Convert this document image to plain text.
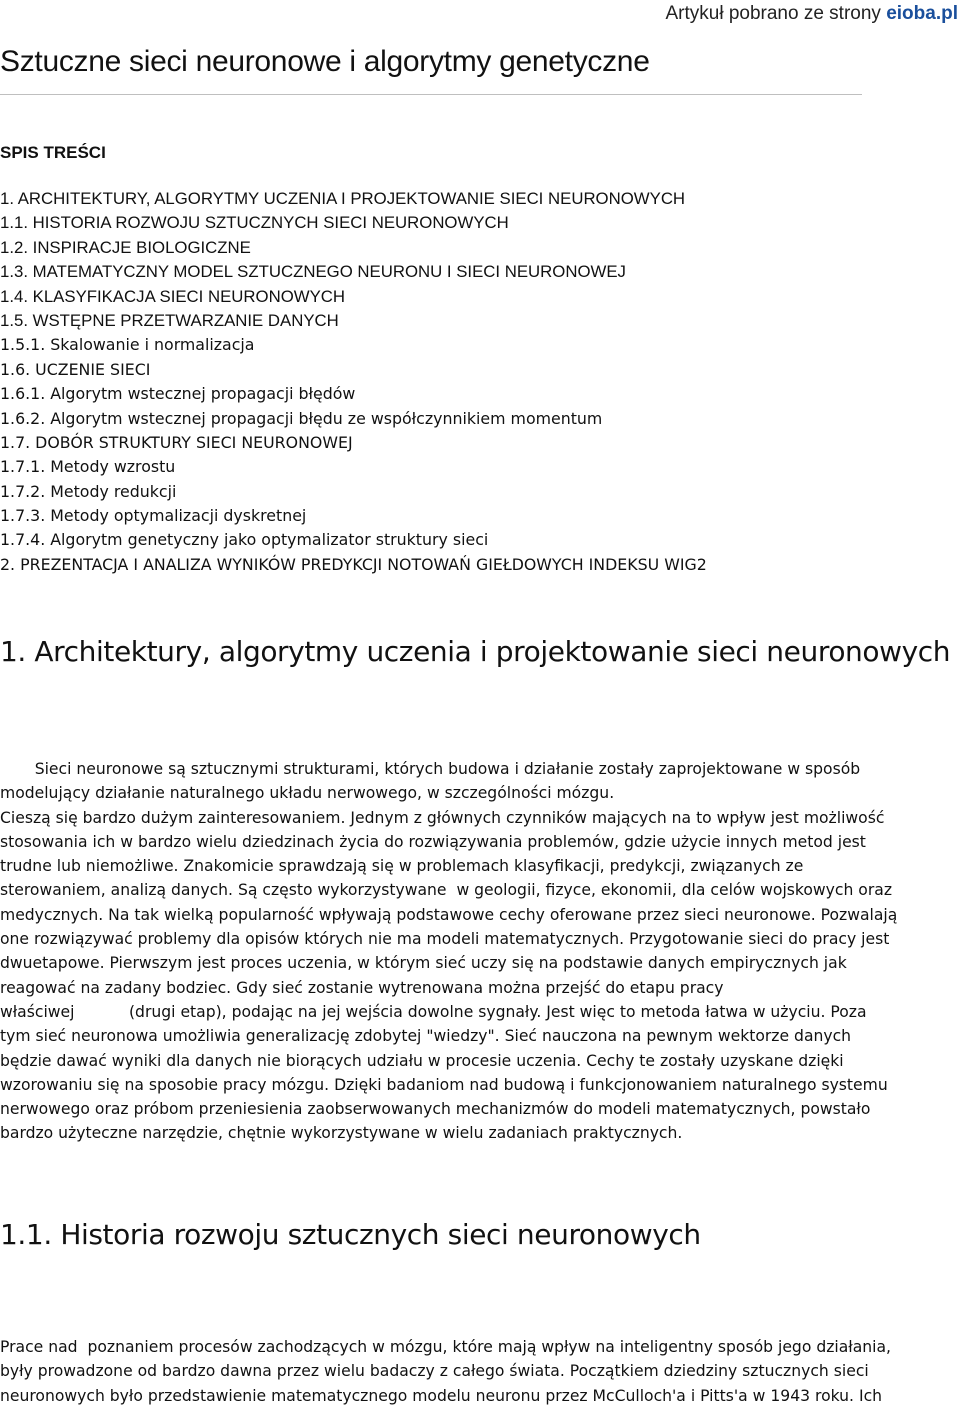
Artykuł pobrano ze strony eioba.pl
Sztuczne sieci neuronowe i algorytmy genetyczne
SPIS TREŚCI
1. ARCHITEKTURY, ALGORYTMY UCZENIA I PROJEKTOWANIE SIECI NEURONOWYCH
1.1. HISTORIA ROZWOJU SZTUCZNYCH SIECI NEURONOWYCH
1.2. INSPIRACJE BIOLOGICZNE
1.3. MATEMATYCZNY MODEL SZTUCZNEGO NEURONU I SIECI NEURONOWEJ
1.4. KLASYFIKACJA SIECI NEURONOWYCH
1.5. WSTĘPNE PRZETWARZANIE DANYCH
1.5.1. Skalowanie i normalizacja
1.6. UCZENIE SIECI
1.6.1. Algorytm wstecznej propagacji błędów
1.6.2. Algorytm wstecznej propagacji błędu ze współczynnikiem momentum
1.7. DOBÓR STRUKTURY SIECI NEURONOWEJ
1.7.1. Metody wzrostu
1.7.2. Metody redukcji
1.7.3. Metody optymalizacji dyskretnej
1.7.4. Algorytm genetyczny jako optymalizator struktury sieci
2. PREZENTACJA I ANALIZA WYNIKÓW PREDYKCJI NOTOWAŃ GIEŁDOWYCH INDEKSU WIG2
1. Architektury, algorytmy uczenia i projektowanie sieci neuronowych
Sieci neuronowe są sztucznymi strukturami, których budowa i działanie zostały zaprojektowane w sposób
modelujący działanie naturalnego układu nerwowego, w szczególności mózgu.
Cieszą się bardzo dużym zainteresowaniem. Jednym z głównych czynników mających na to wpływ jest możliwość
stosowania ich w bardzo wielu dziedzinach życia do rozwiązywania problemów, gdzie użycie innych metod jest
trudne lub niemożliwe. Znakomicie sprawdzają się w problemach klasyfikacji, predykcji, związanych ze
sterowaniem, analizą danych. Są często wykorzystywane  w geologii, fizyce, ekonomii, dla celów wojskowych oraz
medycznych. Na tak wielką popularność wpływają podstawowe cechy oferowane przez sieci neuronowe. Pozwalają
one rozwiązywać problemy dla opisów których nie ma modeli matematycznych. Przygotowanie sieci do pracy jest
dwuetapowe. Pierwszym jest proces uczenia, w którym sieć uczy się na podstawie danych empirycznych jak
reagować na zadany bodziec. Gdy sieć zostanie wytrenowana można przejść do etapu pracy
właściwej           (drugi etap), podając na jej wejścia dowolne sygnały. Jest więc to metoda łatwa w użyciu. Poza
tym sieć neuronowa umożliwia generalizację zdobytej "wiedzy". Sieć nauczona na pewnym wektorze danych
będzie dawać wyniki dla danych nie biorących udziału w procesie uczenia. Cechy te zostały uzyskane dzięki
wzorowaniu się na sposobie pracy mózgu. Dzięki badaniom nad budową i funkcjonowaniem naturalnego systemu
nerwowego oraz próbom przeniesienia zaobserwowanych mechanizmów do modeli matematycznych, powstało
bardzo użyteczne narzędzie, chętnie wykorzystywane w wielu zadaniach praktycznych.
1.1. Historia rozwoju sztucznych sieci neuronowych
Prace nad  poznaniem procesów zachodzących w mózgu, które mają wpływ na inteligentny sposób jego działania,
były prowadzone od bardzo dawna przez wielu badaczy z całego świata. Początkiem dziedziny sztucznych sieci
neuronowych było przedstawienie matematycznego modelu neuronu przez McCulloch'a i Pitts'a w 1943 roku. Ich
